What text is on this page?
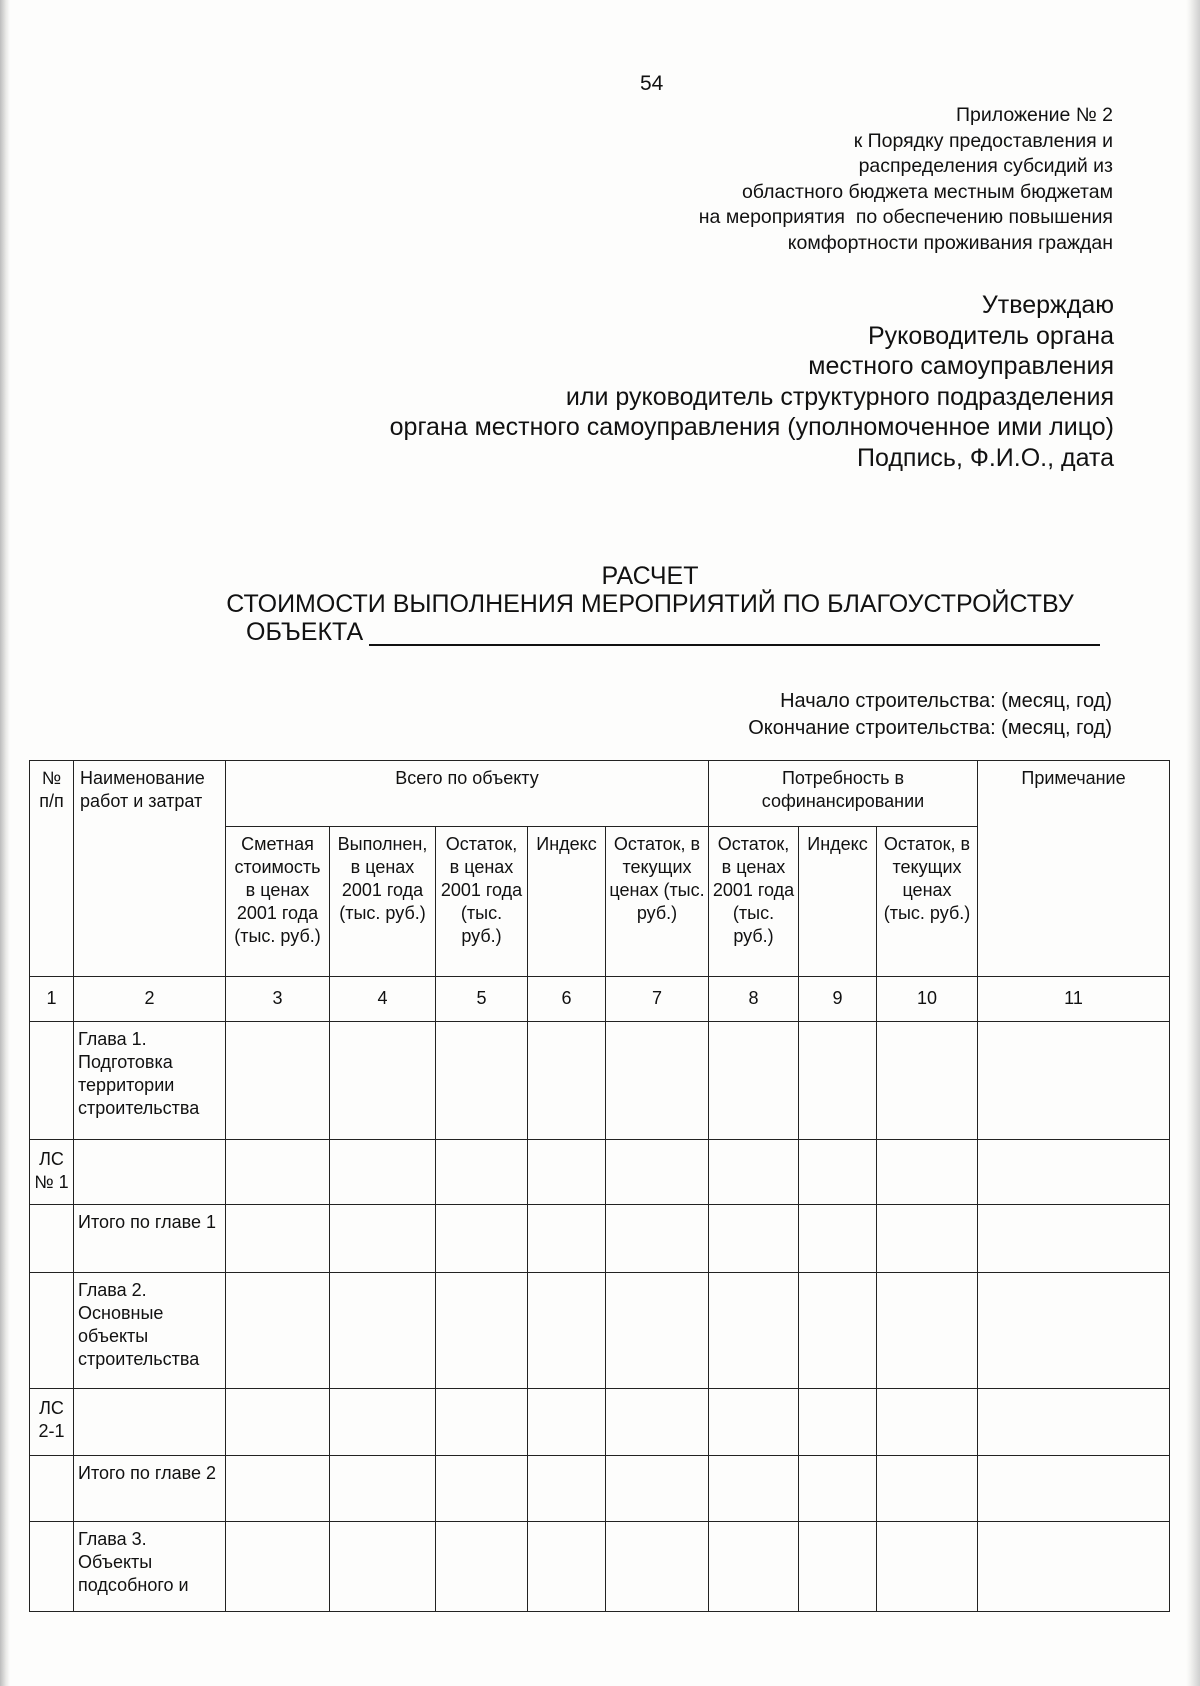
54
Приложение № 2
к Порядку предоставления и
распределения субсидий из
областного бюджета местным бюджетам
на мероприятия  по обеспечению повышения
комфортности проживания граждан
Утверждаю
Руководитель органа
местного самоуправления
или руководитель структурного подразделения
органа местного самоуправления (уполномоченное ими лицо)
Подпись, Ф.И.О., дата
РАСЧЕТ
СТОИМОСТИ ВЫПОЛНЕНИЯ МЕРОПРИЯТИЙ ПО БЛАГОУСТРОЙСТВУ
ОБЪЕКТА
Начало строительства: (месяц, год)
Окончание строительства: (месяц, год)
№ п/п	Наименование работ и затрат	Всего по объекту					Потребность в софинансировании			Примечание
		Сметная стоимость в ценах 2001 года (тыс. руб.)	Выполнен, в ценах 2001 года (тыс. руб.)	Остаток, в ценах 2001 года (тыс. руб.)	Индекс	Остаток, в текущих ценах (тыс. руб.)	Остаток, в ценах 2001 года (тыс. руб.)	Индекс	Остаток, в текущих ценах (тыс. руб.)	
1	2	3	4	5	6	7	8	9	10	11
	Глава 1. Подготовка территории строительства									
ЛС № 1										
	Итого по главе 1									
	Глава 2. Основные объекты строительства									
ЛС 2-1										
	Итого по главе 2									
	Глава 3. Объекты подсобного и									
